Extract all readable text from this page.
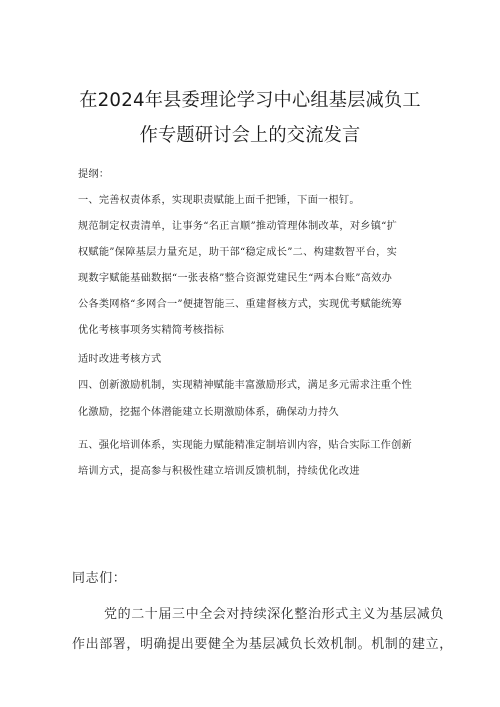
在2024年县委理论学习中心组基层减负工
作专题研讨会上的交流发言
提纲：
一、完善权责体系，实现职责赋能上面千把锤，下面一根钉。
规范制定权责清单，让事务“名正言顺”推动管理体制改革，对乡镇“扩
权赋能”保障基层力量充足，助干部“稳定成长”二、构建数智平台，实
现数字赋能基础数据“一张表格”整合资源党建民生“两本台账”高效办
公各类网格“多网合一”便捷智能三、重建督核方式，实现优考赋能统筹
优化考核事项务实精简考核指标
适时改进考核方式
四、创新激励机制，实现精神赋能丰富激励形式，满足多元需求注重个性
化激励，挖掘个体潜能建立长期激励体系，确保动力持久
五、强化培训体系，实现能力赋能精准定制培训内容，贴合实际工作创新
培训方式，提高参与积极性建立培训反馈机制，持续优化改进
同志们：
党的二十届三中全会对持续深化整治形式主义为基层减负
作出部署，明确提出要健全为基层减负长效机制。机制的建立，
